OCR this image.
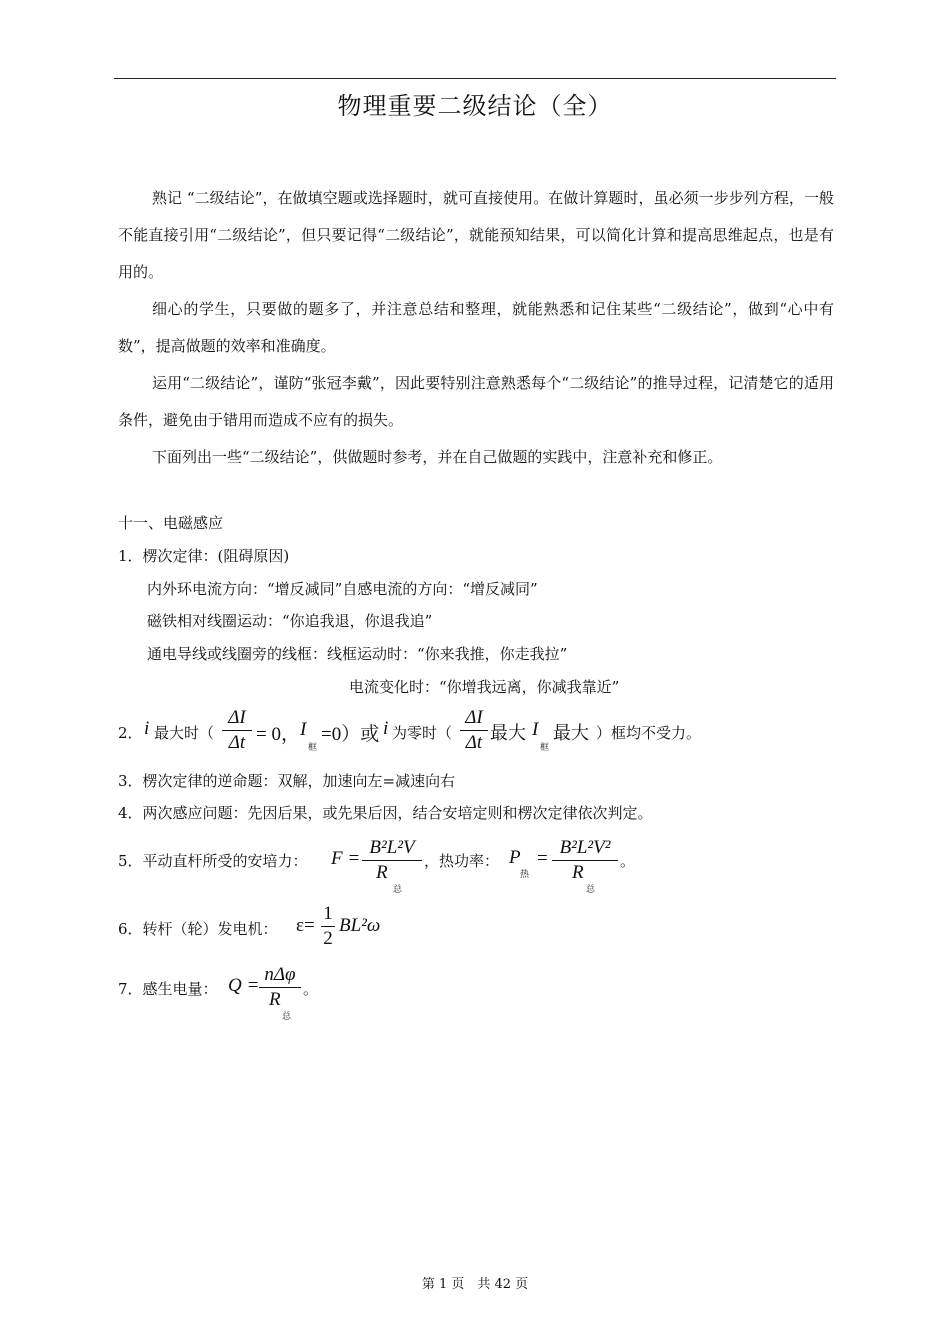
物理重要二级结论（全）

熟记 “二级结论”，在做填空题或选择题时，就可直接使用。在做计算题时，虽必须一步步列方程，一般不能直接引用“二级结论”，但只要记得“二级结论”，就能预知结果，可以简化计算和提高思维起点，也是有用的。

细心的学生，只要做的题多了，并注意总结和整理，就能熟悉和记住某些“二级结论”，做到“心中有数”，提高做题的效率和准确度。

运用“二级结论”，谨防“张冠李戴”，因此要特别注意熟悉每个“二级结论”的推导过程，记清楚它的适用条件，避免由于错用而造成不应有的损失。

下面列出一些“二级结论”，供做题时参考，并在自己做题的实践中，注意补充和修正。

十一、电磁感应
1．楞次定律：(阻碍原因)
内外环电流方向：“增反减同”自感电流的方向：“增反减同”
磁铁相对线圈运动：“你追我退，你退我追”
通电导线或线圈旁的线框：线框运动时：“你来我推，你走我拉”
电流变化时：“你增我远离，你减我靠近”
2． i 最大时（
ΔI
Δt = 0， I
框
=0）或 i 为零时（
ΔI
Δt 最大 I
框
最大 ）框均不受力。
3．楞次定律的逆命题：双解，加速向左=减速向右
4．两次感应问题：先因后果，或先果后因，结合安培定则和楞次定律依次判定。
5．平动直杆所受的安培力： F =
B²L²V
R
总
，热功率： P
热
=
B²L²V²
R
总
。
6．转杆（轮）发电机： ε=
1
2
BL²ω
7．感生电量： Q =
nΔφ
R
总
。
第 1 页　共 42 页
